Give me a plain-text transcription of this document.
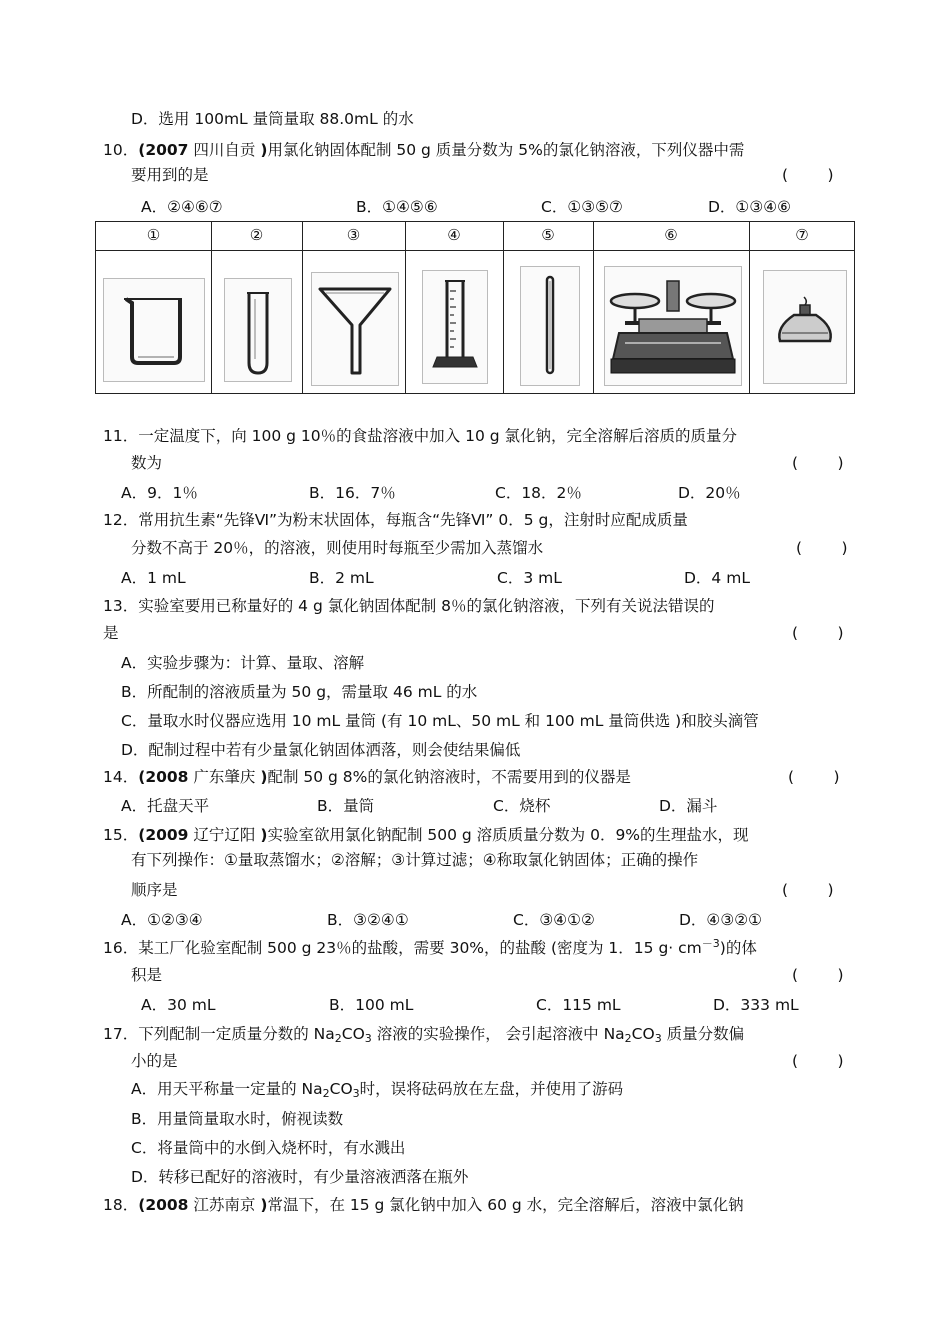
D．选用 100mL 量筒量取 88.0mL 的水
10．(2007 四川自贡 )用氯化钠固体配制 50 g 质量分数为 5%的氯化钠溶液，下列仪器中需
要用到的是	(        )
A．②④⑥⑦	B．①④⑤⑥	C．①③⑤⑦	D．①③④⑥
①	②	③	④	⑤	⑥	⑦
11．一定温度下，向 100 g 10％的食盐溶液中加入 10 g 氯化钠，完全溶解后溶质的质量分
数为	(        )
A．9．1％	B．16．7％	C．18．2％	D．20％
12．常用抗生素“先锋Ⅵ”为粉末状固体，每瓶含“先锋Ⅵ” 0．5 g，注射时应配成质量
分数不高于 20％，的溶液，则使用时每瓶至少需加入蒸馏水	(        )
A．1 mL	B．2 mL	C．3 mL	D．4 mL
13．实验室要用已称量好的 4 g 氯化钠固体配制 8％的氯化钠溶液，下列有关说法错误的
是	(        )
A．实验步骤为：计算、量取、溶解
B．所配制的溶液质量为 50 g，需量取 46 mL 的水
C．量取水时仪器应选用 10 mL 量筒 (有 10 mL、50 mL 和 100 mL 量筒供选 )和胶头滴管
D．配制过程中若有少量氯化钠固体洒落，则会使结果偏低
14．(2008 广东肇庆 )配制 50 g 8%的氯化钠溶液时，不需要用到的仪器是	(        )
A．托盘天平	B．量筒	C．烧杯	D．漏斗
15．(2009 辽宁辽阳 )实验室欲用氯化钠配制 500 g 溶质质量分数为 0．9%的生理盐水，现
有下列操作：①量取蒸馏水；②溶解；③计算过滤；④称取氯化钠固体；正确的操作
顺序是	(        )
A．①②③④	B．③②④①	C．③④①②	D．④③②①
16．某工厂化验室配制 500 g 23％的盐酸，需要 30%，的盐酸 (密度为 1．15 $g\cdot cm^{-3}$)的体
积是	(        )
A．30 mL	B．100 mL	C．115 mL	D．333 mL
17．下列配制一定质量分数的 $Na_2CO_3$ 溶液的实验操作， 会引起溶液中 $Na_2CO_3$ 质量分数偏
小的是	(        )
A．用天平称量一定量的 $Na_2CO_3$时，误将砝码放在左盘，并使用了游码
B．用量筒量取水时，俯视读数
C．将量筒中的水倒入烧杯时，有水溅出
D．转移已配好的溶液时，有少量溶液洒落在瓶外
18．(2008 江苏南京 )常温下，在 15 g 氯化钠中加入 60 g 水，完全溶解后，溶液中氯化钠
